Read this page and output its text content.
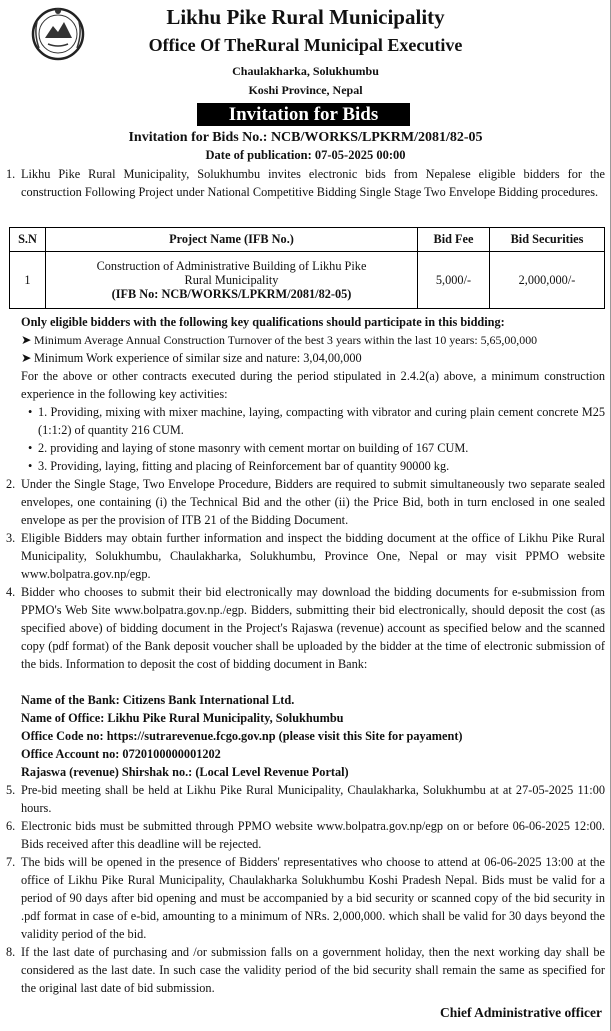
Likhu Pike Rural Municipality
Office Of TheRural Municipal Executive
Chaulakharka, Solukhumbu
Koshi Province, Nepal
Invitation for Bids
Invitation for Bids No.: NCB/WORKS/LPKRM/2081/82-05
Date of publication: 07-05-2025 00:00
1. Likhu Pike Rural Municipality, Solukhumbu invites electronic bids from Nepalese eligible bidders for the construction Following Project under National Competitive Bidding Single Stage Two Envelope Bidding procedures.
S.N	Project Name (IFB No.)	Bid Fee	Bid Securities
1	Construction of Administrative Building of Likhu Pike
Rural Municipality
(IFB No: NCB/WORKS/LPKRM/2081/82-05)	5,000/-	2,000,000/-
Only eligible bidders with the following key qualifications should participate in this bidding:
➤ Minimum Average Annual Construction Turnover of the best 3 years within the last 10 years: 5,65,00,000
➤ Minimum Work experience of similar size and nature: 3,04,00,000
For the above or other contracts executed during the period stipulated in 2.4.2(a) above, a minimum construction experience in the following key activities:
• 1. Providing, mixing with mixer machine, laying, compacting with vibrator and curing plain cement concrete M25 (1:1:2) of quantity 216 CUM.
• 2. providing and laying of stone masonry with cement mortar on building of 167 CUM.
• 3. Providing, laying, fitting and placing of Reinforcement bar of quantity 90000 kg.
2. Under the Single Stage, Two Envelope Procedure, Bidders are required to submit simultaneously two separate sealed envelopes, one containing (i) the Technical Bid and the other (ii) the Price Bid, both in turn enclosed in one sealed envelope as per the provision of ITB 21 of the Bidding Document.
3. Eligible Bidders may obtain further information and inspect the bidding document at the office of Likhu Pike Rural Municipality, Solukhumbu, Chaulakharka, Solukhumbu, Province One, Nepal or may visit PPMO website www.bolpatra.gov.np/egp.
4. Bidder who chooses to submit their bid electronically may download the bidding documents for e-submission from PPMO's Web Site www.bolpatra.gov.np./egp. Bidders, submitting their bid electronically, should deposit the cost (as specified above) of bidding document in the Project's Rajaswa (revenue) account as specified below and the scanned copy (pdf format) of the Bank deposit voucher shall be uploaded by the bidder at the time of electronic submission of the bids. Information to deposit the cost of bidding document in Bank:
Name of the Bank: Citizens Bank International Ltd.
Name of Office: Likhu Pike Rural Municipality, Solukhumbu
Office Code no: https://sutrarevenue.fcgo.gov.np (please visit this Site for payament)
Office Account no: 0720100000001202
Rajaswa (revenue) Shirshak no.: (Local Level Revenue Portal)
5. Pre-bid meeting shall be held at Likhu Pike Rural Municipality, Chaulakharka, Solukhumbu at at 27-05-2025 11:00 hours.
6. Electronic bids must be submitted through PPMO website www.bolpatra.gov.np/egp on or before 06-06-2025 12:00. Bids received after this deadline will be rejected.
7. The bids will be opened in the presence of Bidders' representatives who choose to attend at 06-06-2025 13:00 at the office of Likhu Pike Rural Municipality, Chaulakharka Solukhumbu Koshi Pradesh Nepal. Bids must be valid for a period of 90 days after bid opening and must be accompanied by a bid security or scanned copy of the bid security in .pdf format in case of e-bid, amounting to a minimum of NRs. 2,000,000. which shall be valid for 30 days beyond the validity period of the bid.
8. If the last date of purchasing and /or submission falls on a government holiday, then the next working day shall be considered as the last date. In such case the validity period of the bid security shall remain the same as specified for the original last date of bid submission.
Chief Administrative officer
